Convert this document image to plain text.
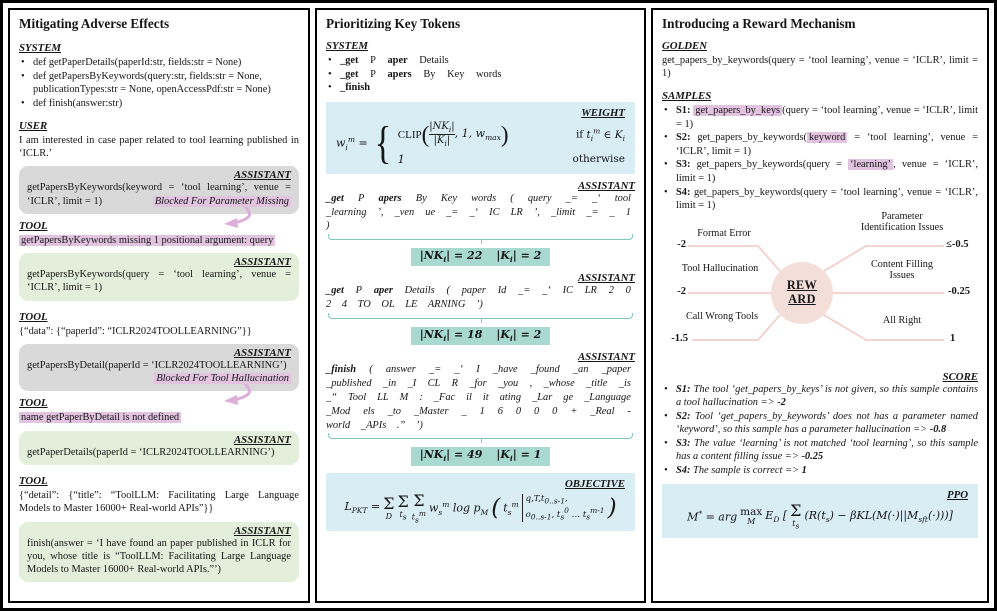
Mitigating Adverse Effects
SYSTEM
• def getPaperDetails(paperId:str, fields:str = None)
• def getPapersByKeywords(query:str, fields:str = None, publicationTypes:str = None, openAccessPdf:str = None)
• def finish(answer:str)
USER
I am interested in case paper related to tool learning published in ‘ICLR.’
ASSISTANT
getPapersByKeywords(keyword = ‘tool learning’, venue = ‘ICLR’, limit = 1)	Blocked For Parameter Missing
TOOL
getPapersByKeywords missing 1 positional argument: query
ASSISTANT
getPapersByKeywords(query = ‘tool learning’, venue = ‘ICLR’, limit = 1)
TOOL
{“data”: {“paperId”: “ICLR2024TOOLLEARNING”}}
ASSISTANT
getPapersByDetail(paperId = ‘ICLR2024TOOLLEARNING’)
Blocked For Tool Hallucination
TOOL
name getPaperByDetail is not defined
ASSISTANT
getPaperDetails(paperId = ‘ICLR2024TOOLLEARNING’)
TOOL
{“detail”: {“title”: “ToolLLM: Facilitating Large Language Models to Master 16000+ Real-world APIs”}}
ASSISTANT
finish(answer = ‘I have found an paper published in ICLR for you, whose title is “ToolLLM: Facilitating Large Language Models to Master 16000+ Real-world APIs.”’)
Prioritizing Key Tokens
SYSTEM
• _get P aper Details
• _get P apers By Key words
• _finish
WEIGHT
$w_i^m$ = { CLIP ( $\frac{|NK_i|}{|K_i|}$ , 1, $w_{max}$ )	if $t_i^m$ ∈ $K_i$
1	otherwise
ASSISTANT
_get P apers By Key words ( query _= _‘ tool _learning ’, _ven ue _= _‘ IC LR ’, _limit _= _ 1 )
$|NK_i| = 22$ $|K_i| = 2$
ASSISTANT
_get P aper Details ( paper Id _= _‘ IC LR 2 0 2 4 TO OL LE ARNING ’)
$|NK_i| = 18$ $|K_i| = 2$
ASSISTANT
_finish ( answer _= _‘ I _have _found _an _paper _published _in _I CL R _for _you , _whose _title _is _“ Tool LL M : _Fac il it ating _Lar ge _Language _Mod els _to _Master _ 1 6 0 0 0 + _Real - world _APIs .” ’)
$|NK_i| = 49$ $|K_i| = 1$
OBJECTIVE
$L_{PKT} = \Sigma$
D
Σ
$t_s$
Σ
$t_s^m$ $w_s^m$ $\log p_M$ ( $t_s^m$
$q,T,t_{0..s-1}$,
$o_{0..s-1}$, $t_s^0$ … $t_s^{m-1}$ )
Introducing a Reward Mechanism
GOLDEN
get_papers_by_keywords(query = ‘tool learning’, venue = ‘ICLR’, limit = 1)
SAMPLES
• S1: get_papers_by_keys (query = ‘tool learning’, venue = ‘ICLR’, limit = 1)
• S2: get_papers_by_keywords( keyword = ‘tool learning’, venue = ‘ICLR’, limit = 1)
• S3: get_papers_by_keywords(query = ‘learning’ , venue = ‘ICLR’, limit = 1)
• S4: get_papers_by_keywords(query = ‘tool learning’, venue = ‘ICLR’, limit = 1)
-2
-2
-1.5
Format Error
Tool Hallucination
Call Wrong Tools
REW
ARD
Parameter Identification Issues
Content Filling Issues
All Right
≤-0.5
-0.25
1
SCORE
• S1: The tool ‘get_papers_by_keys’ is not given, so this sample contains a tool hallucination => -2
• S2: Tool ‘get_papers_by_keywords’ does not has a parameter named ‘keyword’, so this sample has a parameter hallucination => -0.8
• S3: The value ‘learning’ is not matched ‘tool learning’, so this sample has a content filling issue => -0.25
• S4: The sample is correct => 1
PPO
M* = arg max
M $E_D$ [ Σ
$t_s$
$(R(t_s) - \beta KL(M(\cdot)||M_{sft}(\cdot)))$]
